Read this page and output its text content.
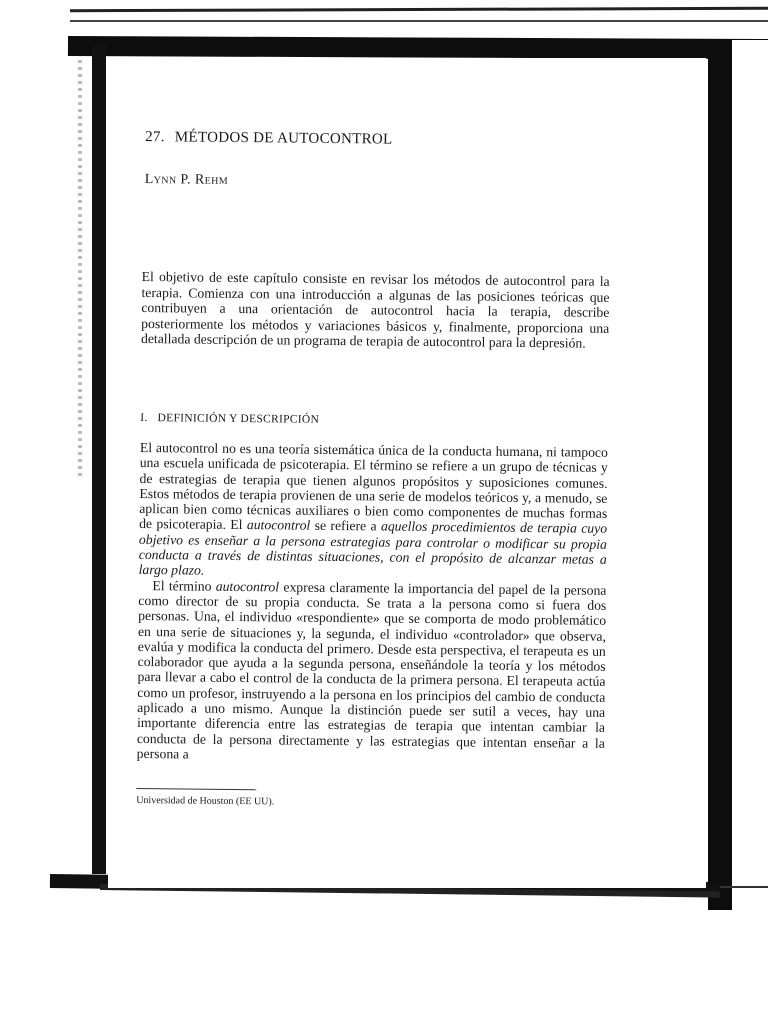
27. MÉTODOS DE AUTOCONTROL
Lynn P. Rehm

El objetivo de este capítulo consiste en revisar los métodos de autocontrol para la terapia. Comienza con una introducción a algunas de las posiciones teóricas que contribuyen a una orientación de autocontrol hacia la terapia, describe posteriormente los métodos y variaciones básicos y, finalmente, proporciona una detallada descripción de un programa de terapia de autocontrol para la depresión.

I. DEFINICIÓN Y DESCRIPCIÓN

El autocontrol no es una teoría sistemática única de la conducta humana, ni tampoco una escuela unificada de psicoterapia. El término se refiere a un grupo de técnicas y de estrategias de terapia que tienen algunos propósitos y suposiciones comunes. Estos métodos de terapia provienen de una serie de modelos teóricos y, a menudo, se aplican bien como técnicas auxiliares o bien como componentes de muchas formas de psicoterapia. El autocontrol se refiere a aquellos procedimientos de terapia cuyo objetivo es enseñar a la persona estrategias para controlar o modificar su propia conducta a través de distintas situaciones, con el propósito de alcanzar metas a largo plazo.

El término autocontrol expresa claramente la importancia del papel de la persona como director de su propia conducta. Se trata a la persona como si fuera dos personas. Una, el individuo «respondiente» que se comporta de modo problemático en una serie de situaciones y, la segunda, el individuo «controlador» que observa, evalúa y modifica la conducta del primero. Desde esta perspectiva, el terapeuta es un colaborador que ayuda a la segunda persona, enseñándole la teoría y los métodos para llevar a cabo el control de la conducta de la primera persona. El terapeuta actúa como un profesor, instruyendo a la persona en los principios del cambio de conducta aplicado a uno mismo. Aunque la distinción puede ser sutil a veces, hay una importante diferencia entre las estrategias de terapia que intentan cambiar la conducta de la persona directamente y las estrategias que intentan enseñar a la persona a

Universidad de Houston (EE UU).
